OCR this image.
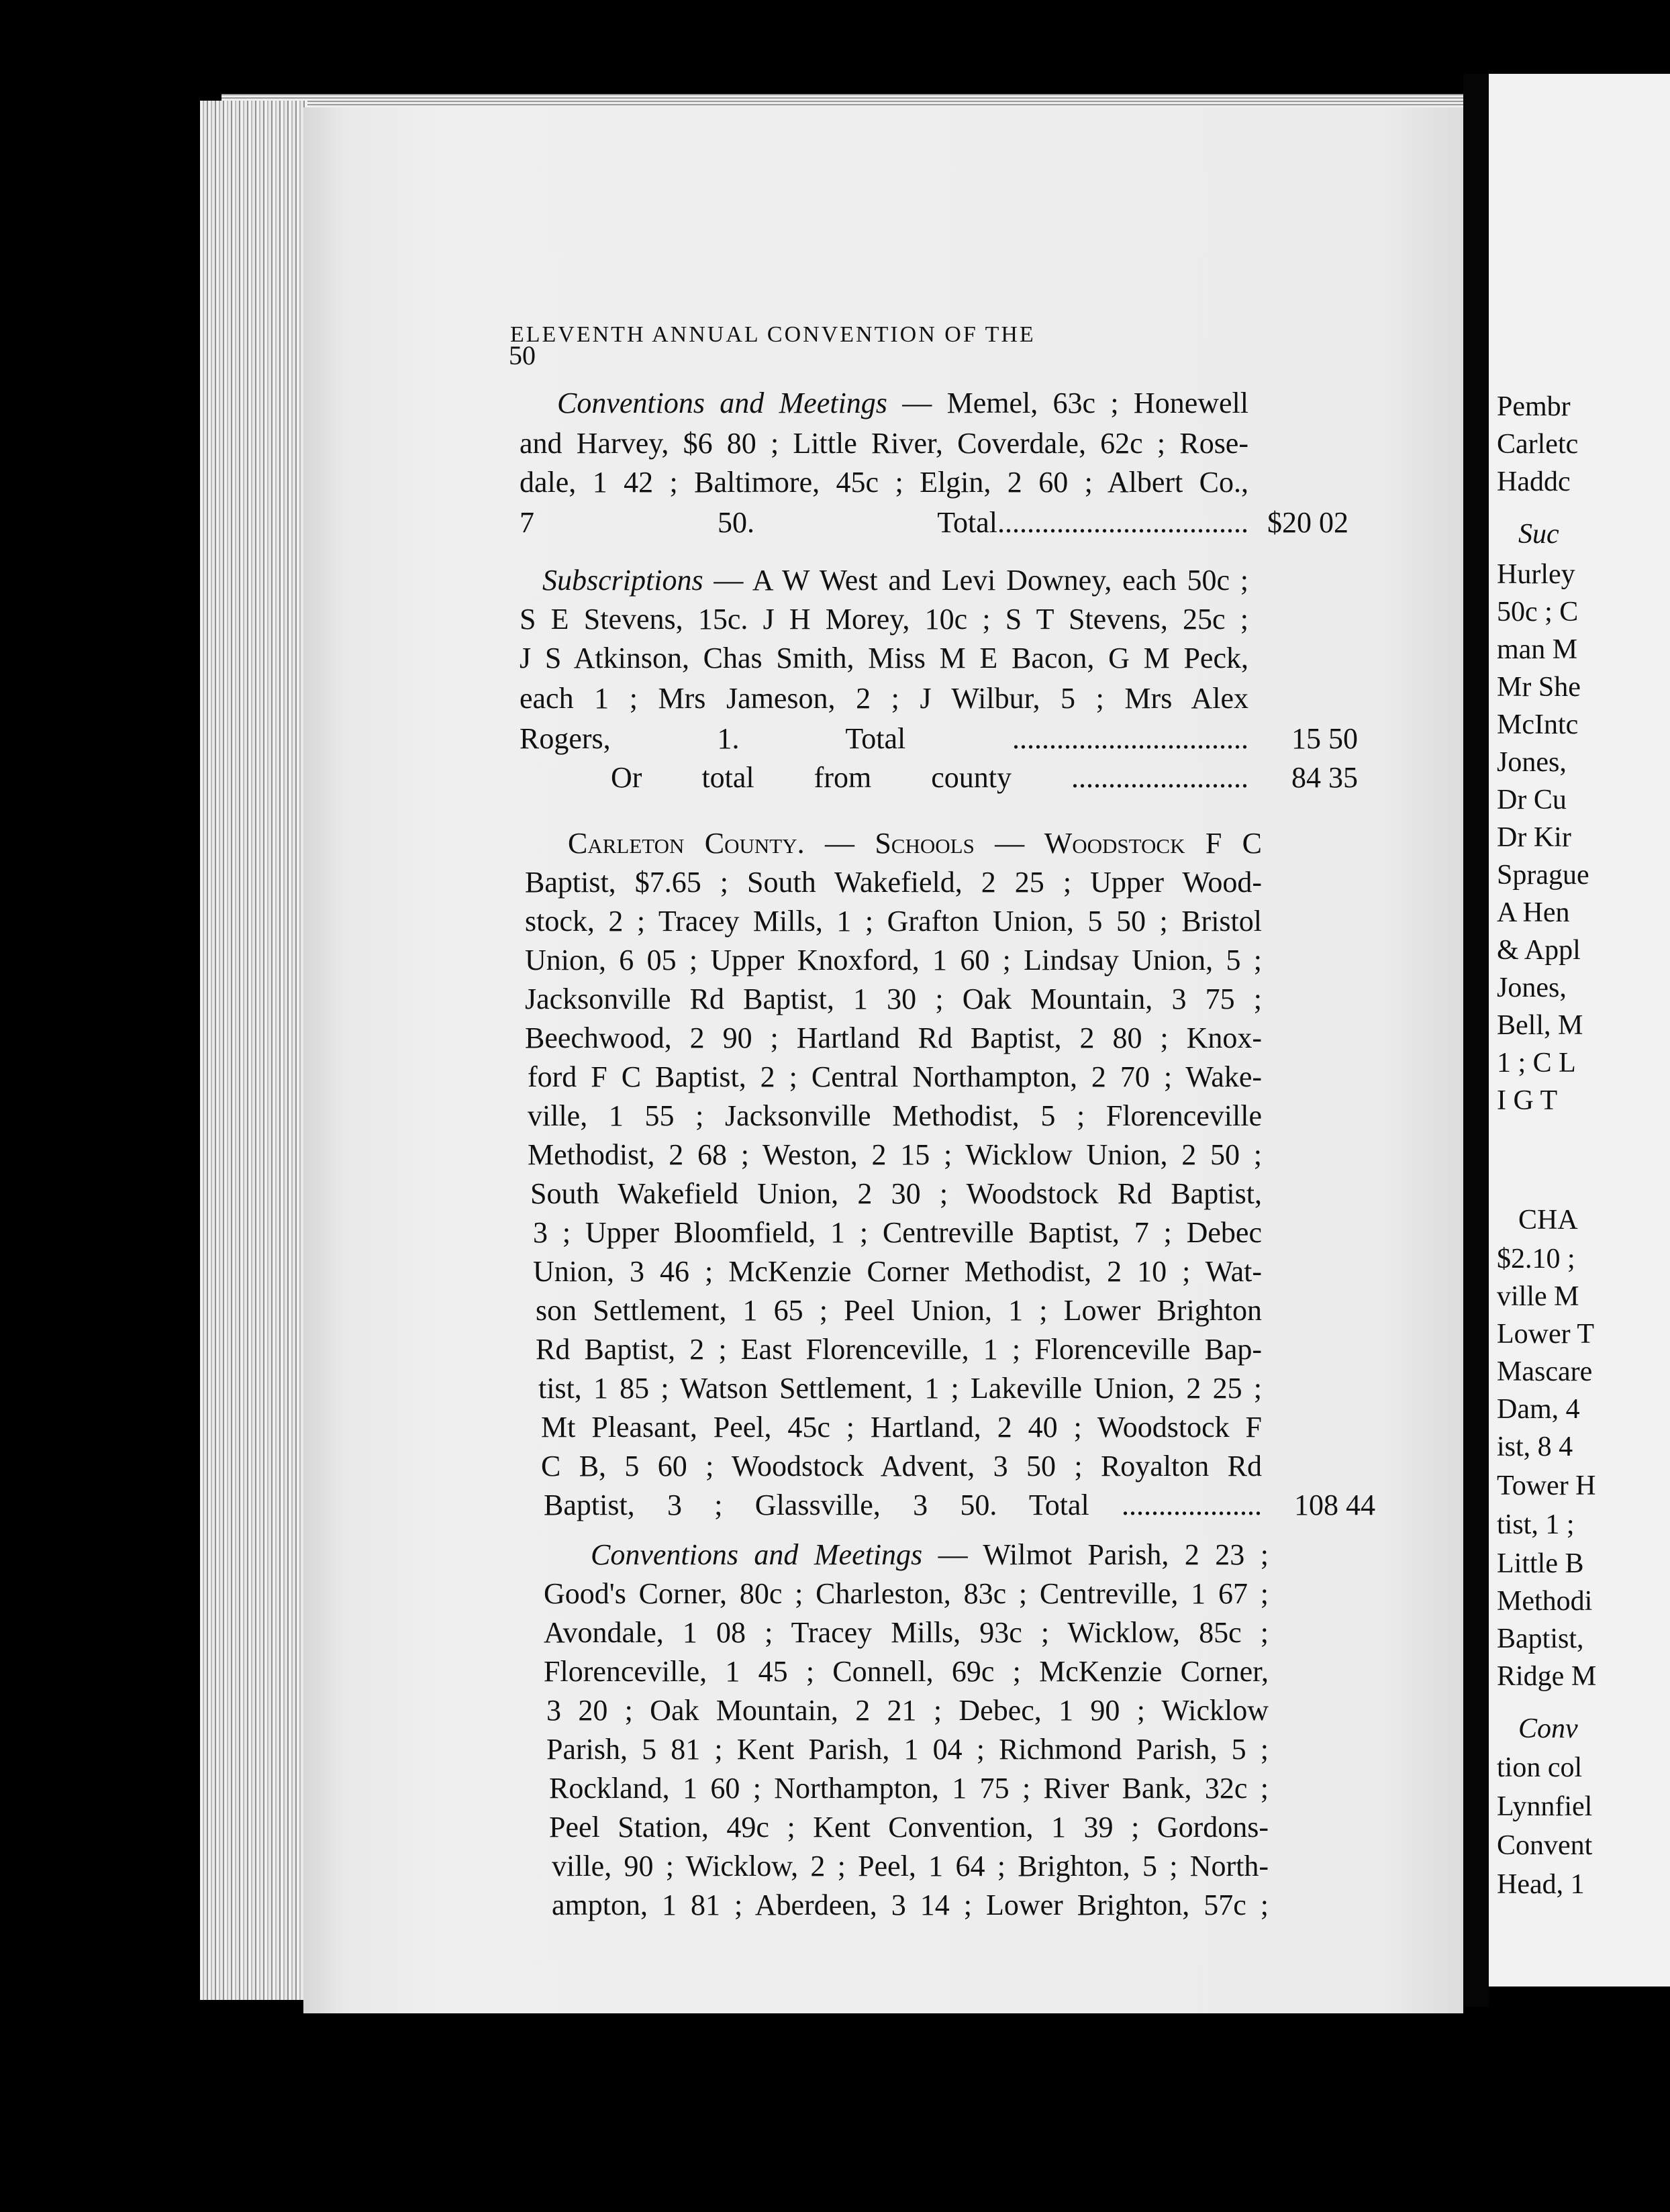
50
ELEVENTH ANNUAL CONVENTION OF THE
Conventions and Meetings — Memel, 63c ; Honewell
and Harvey, $6 80 ; Little River, Coverdale, 62c ; Rose-
dale, 1 42 ; Baltimore, 45c ; Elgin, 2 60 ; Albert Co.,
7 50. Total..................................
Subscriptions — A W West and Levi Downey, each 50c ;
S E Stevens, 15c. J H Morey, 10c ; S T Stevens, 25c ;
J S Atkinson, Chas Smith, Miss M E Bacon, G M Peck,
each 1 ; Mrs Jameson, 2 ; J Wilbur, 5 ; Mrs Alex
Rogers, 1. Total ................................
Or total from county ........................
Carleton County. — Schools — Woodstock F C
Baptist, $7.65 ; South Wakefield, 2 25 ; Upper Wood-
stock, 2 ; Tracey Mills, 1 ; Grafton Union, 5 50 ; Bristol
Union, 6 05 ; Upper Knoxford, 1 60 ; Lindsay Union, 5 ;
Jacksonville Rd Baptist, 1 30 ; Oak Mountain, 3 75 ;
Beechwood, 2 90 ; Hartland Rd Baptist, 2 80 ; Knox-
ford F C Baptist, 2 ; Central Northampton, 2 70 ; Wake-
ville, 1 55 ; Jacksonville Methodist, 5 ; Florenceville
Methodist, 2 68 ; Weston, 2 15 ; Wicklow Union, 2 50 ;
South Wakefield Union, 2 30 ; Woodstock Rd Baptist,
3 ; Upper Bloomfield, 1 ; Centreville Baptist, 7 ; Debec
Union, 3 46 ; McKenzie Corner Methodist, 2 10 ; Wat-
son Settlement, 1 65 ; Peel Union, 1 ; Lower Brighton
Rd Baptist, 2 ; East Florenceville, 1 ; Florenceville Bap-
tist, 1 85 ; Watson Settlement, 1 ; Lakeville Union, 2 25 ;
Mt Pleasant, Peel, 45c ; Hartland, 2 40 ; Woodstock F
C B, 5 60 ; Woodstock Advent, 3 50 ; Royalton Rd
Baptist, 3 ; Glassville, 3 50. Total ...................
Conventions and Meetings — Wilmot Parish, 2 23 ;
Good's Corner, 80c ; Charleston, 83c ; Centreville, 1 67 ;
Avondale, 1 08 ; Tracey Mills, 93c ; Wicklow, 85c ;
Florenceville, 1 45 ; Connell, 69c ; McKenzie Corner,
3 20 ; Oak Mountain, 2 21 ; Debec, 1 90 ; Wicklow
Parish, 5 81 ; Kent Parish, 1 04 ; Richmond Parish, 5 ;
Rockland, 1 60 ; Northampton, 1 75 ; River Bank, 32c ;
Peel Station, 49c ; Kent Convention, 1 39 ; Gordons-
ville, 90 ; Wicklow, 2 ; Peel, 1 64 ; Brighton, 5 ; North-
ampton, 1 81 ; Aberdeen, 3 14 ; Lower Brighton, 57c ;
$20 02
15 50
84 35
108 44
Pembr
Carletc
Haddc
Suc
Hurley
50c ; C
man M
Mr She
McIntc
Jones,
Dr Cu
Dr Kir
Sprague
A Hen
& Appl
Jones,
Bell, M
1 ; C L
I G T
CHA
$2.10 ;
ville M
Lower T
Mascare
Dam, 4
ist, 8 4
Tower H
tist, 1 ;
Little B
Methodi
Baptist,
Ridge M
Conv
tion col
Lynnfiel
Convent
Head, 1
